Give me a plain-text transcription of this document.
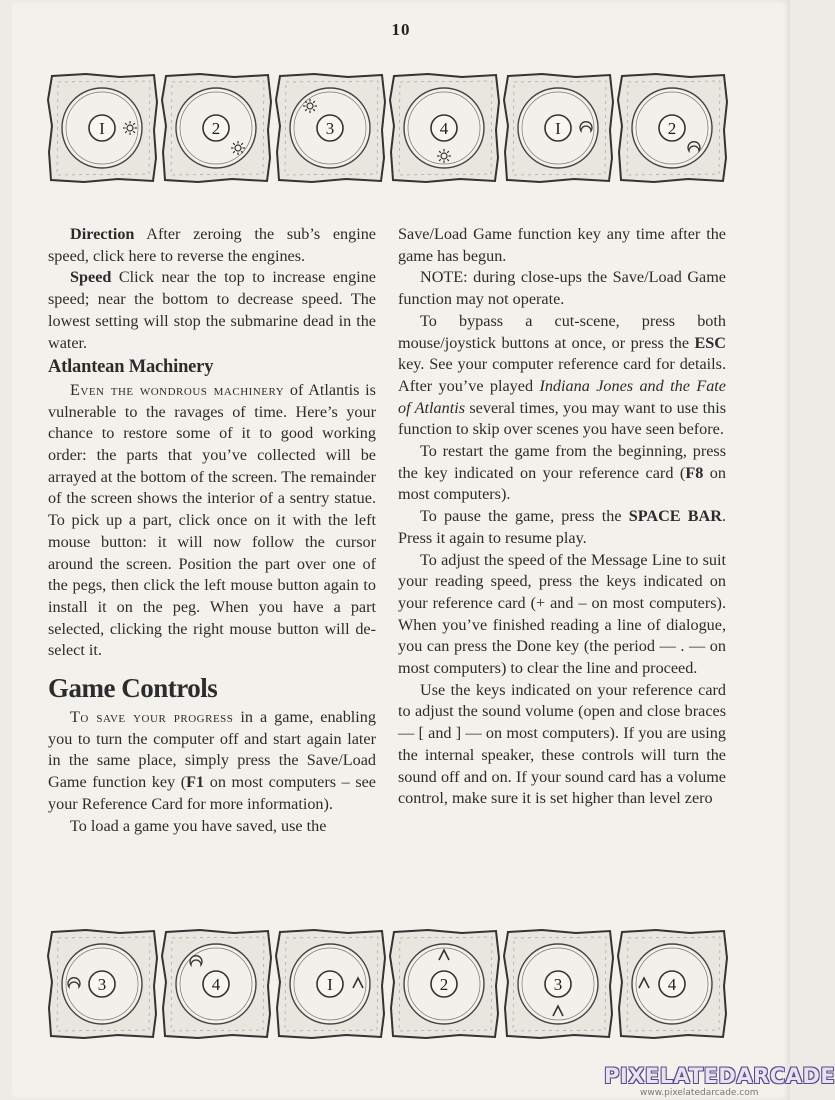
10
I	2	3	4	I	2
3	4	I	2	3	4

Direction After zeroing the sub’s engine speed, click here to reverse the engines.

Speed Click near the top to increase engine speed; near the bottom to decrease speed. The lowest setting will stop the submarine dead in the water.

Atlantean Machinery

Even the wondrous machinery of Atlantis is vulnerable to the ravages of time. Here’s your chance to restore some of it to good working order: the parts that you’ve collected will be arrayed at the bottom of the screen. The remainder of the screen shows the interior of a sentry statue. To pick up a part, click once on it with the left mouse button: it will now follow the cursor around the screen. Position the part over one of the pegs, then click the left mouse button again to install it on the peg. When you have a part selected, clicking the right mouse button will de-select it.

Game Controls

To save your progress in a game, enabling you to turn the computer off and start again later in the same place, simply press the Save/Load Game function key (F1 on most computers – see your Reference Card for more information).

To load a game you have saved, use the

Save/Load Game function key any time after the game has begun.

NOTE: during close-ups the Save/Load Game function may not operate.

To bypass a cut-scene, press both mouse/joystick buttons at once, or press the ESC key. See your computer reference card for details. After you’ve played Indiana Jones and the Fate of Atlantis several times, you may want to use this function to skip over scenes you have seen before.

To restart the game from the beginning, press the key indicated on your reference card (F8 on most computers).

To pause the game, press the SPACE BAR. Press it again to resume play.

To adjust the speed of the Message Line to suit your reading speed, press the keys indicated on your reference card (+ and – on most computers). When you’ve finished reading a line of dialogue, you can press the Done key (the period — . — on most computers) to clear the line and proceed.

Use the keys indicated on your reference card to adjust the sound volume (open and close braces — [ and ] — on most computers). If you are using the internal speaker, these controls will turn the sound off and on. If your sound card has a volume control, make sure it is set higher than level zero

PIXELATEDARCADE
www.pixelatedarcade.com
